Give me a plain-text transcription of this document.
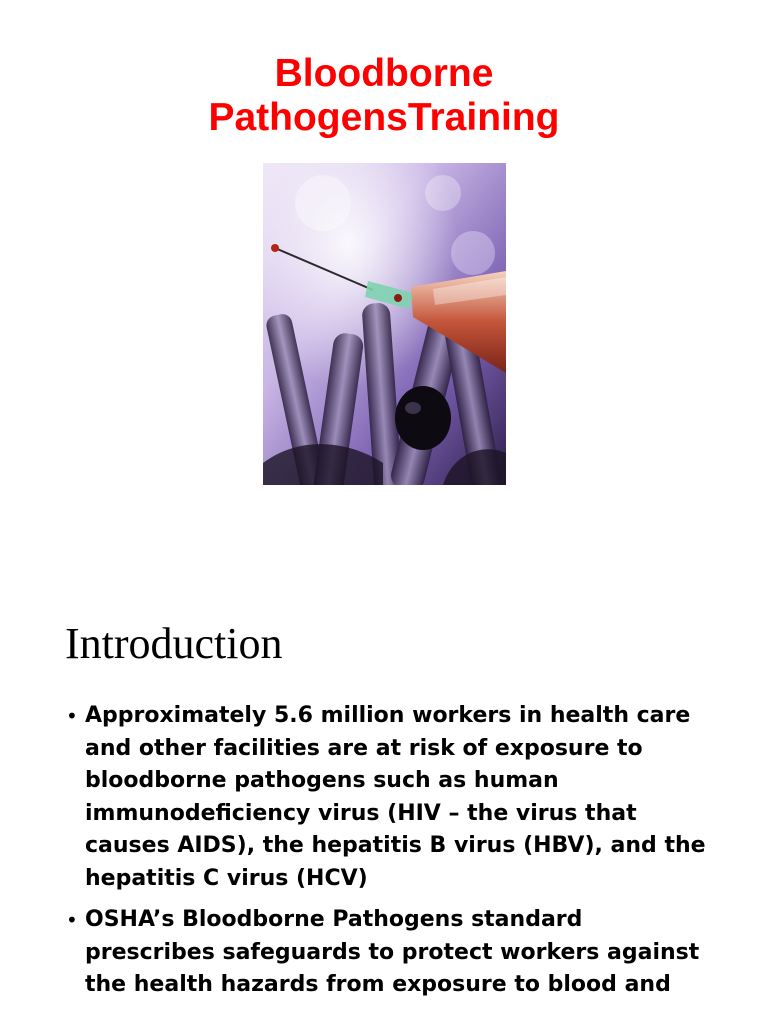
Bloodborne
PathogensTraining
Introduction
• Approximately 5.6 million workers in health care
and other facilities are at risk of exposure to
bloodborne pathogens such as human
immunodeficiency virus (HIV – the virus that
causes AIDS), the hepatitis B virus (HBV), and the
hepatitis C virus (HCV)
• OSHA’s Bloodborne Pathogens standard
prescribes safeguards to protect workers against
the health hazards from exposure to blood and
